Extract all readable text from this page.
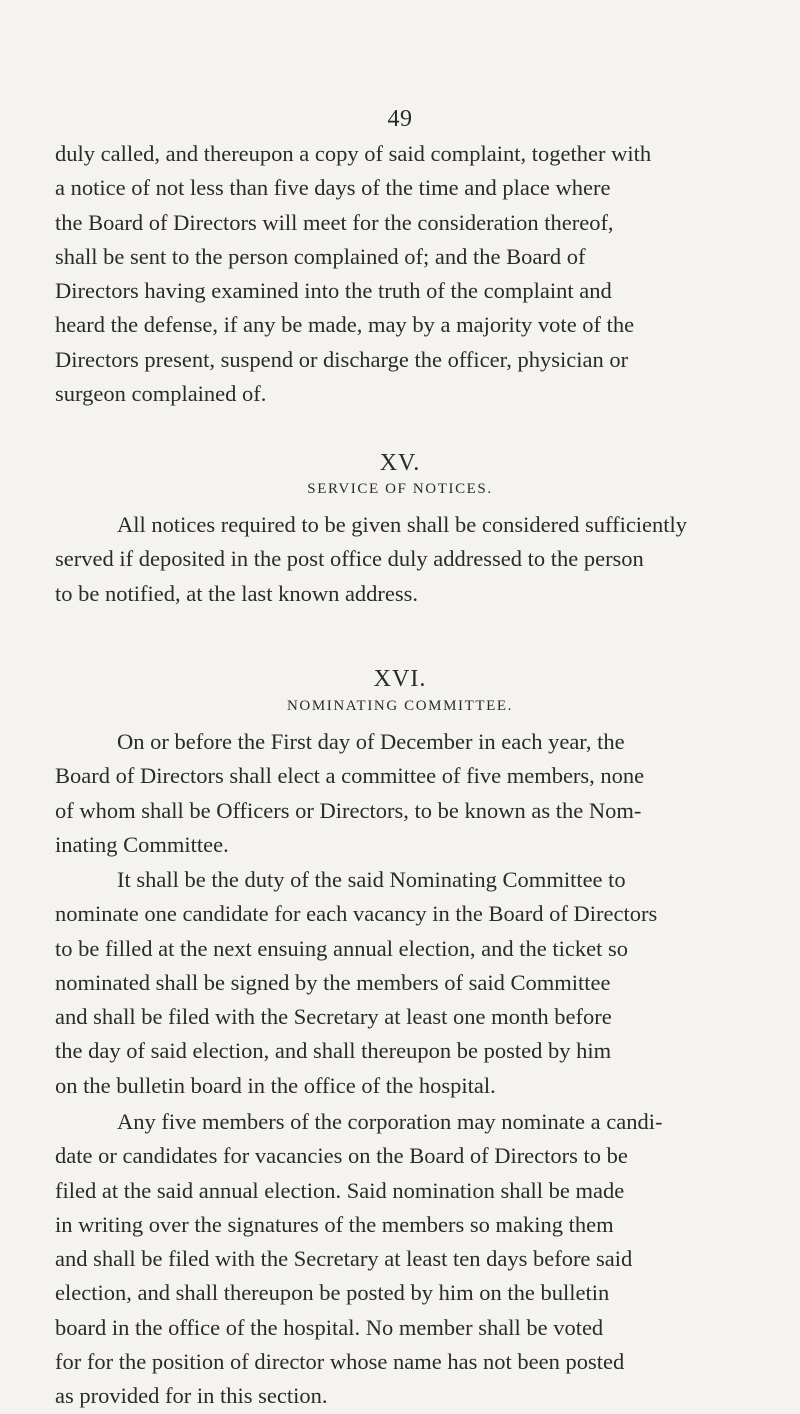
49
duly called, and thereupon a copy of said complaint, together with
a notice of not less than five days of the time and place where
the Board of Directors will meet for the consideration thereof,
shall be sent to the person complained of; and the Board of
Directors having examined into the truth of the complaint and
heard the defense, if any be made, may by a majority vote of the
Directors present, suspend or discharge the officer, physician or
surgeon complained of.
XV.
SERVICE OF NOTICES.
All notices required to be given shall be considered sufficiently
served if deposited in the post office duly addressed to the person
to be notified, at the last known address.
XVI.
NOMINATING COMMITTEE.
On or before the First day of December in each year, the
Board of Directors shall elect a committee of five members, none
of whom shall be Officers or Directors, to be known as the Nom-
inating Committee.
It shall be the duty of the said Nominating Committee to
nominate one candidate for each vacancy in the Board of Directors
to be filled at the next ensuing annual election, and the ticket so
nominated shall be signed by the members of said Committee
and shall be filed with the Secretary at least one month before
the day of said election, and shall thereupon be posted by him
on the bulletin board in the office of the hospital.
Any five members of the corporation may nominate a candi-
date or candidates for vacancies on the Board of Directors to be
filed at the said annual election. Said nomination shall be made
in writing over the signatures of the members so making them
and shall be filed with the Secretary at least ten days before said
election, and shall thereupon be posted by him on the bulletin
board in the office of the hospital. No member shall be voted
for for the position of director whose name has not been posted
as provided for in this section.
